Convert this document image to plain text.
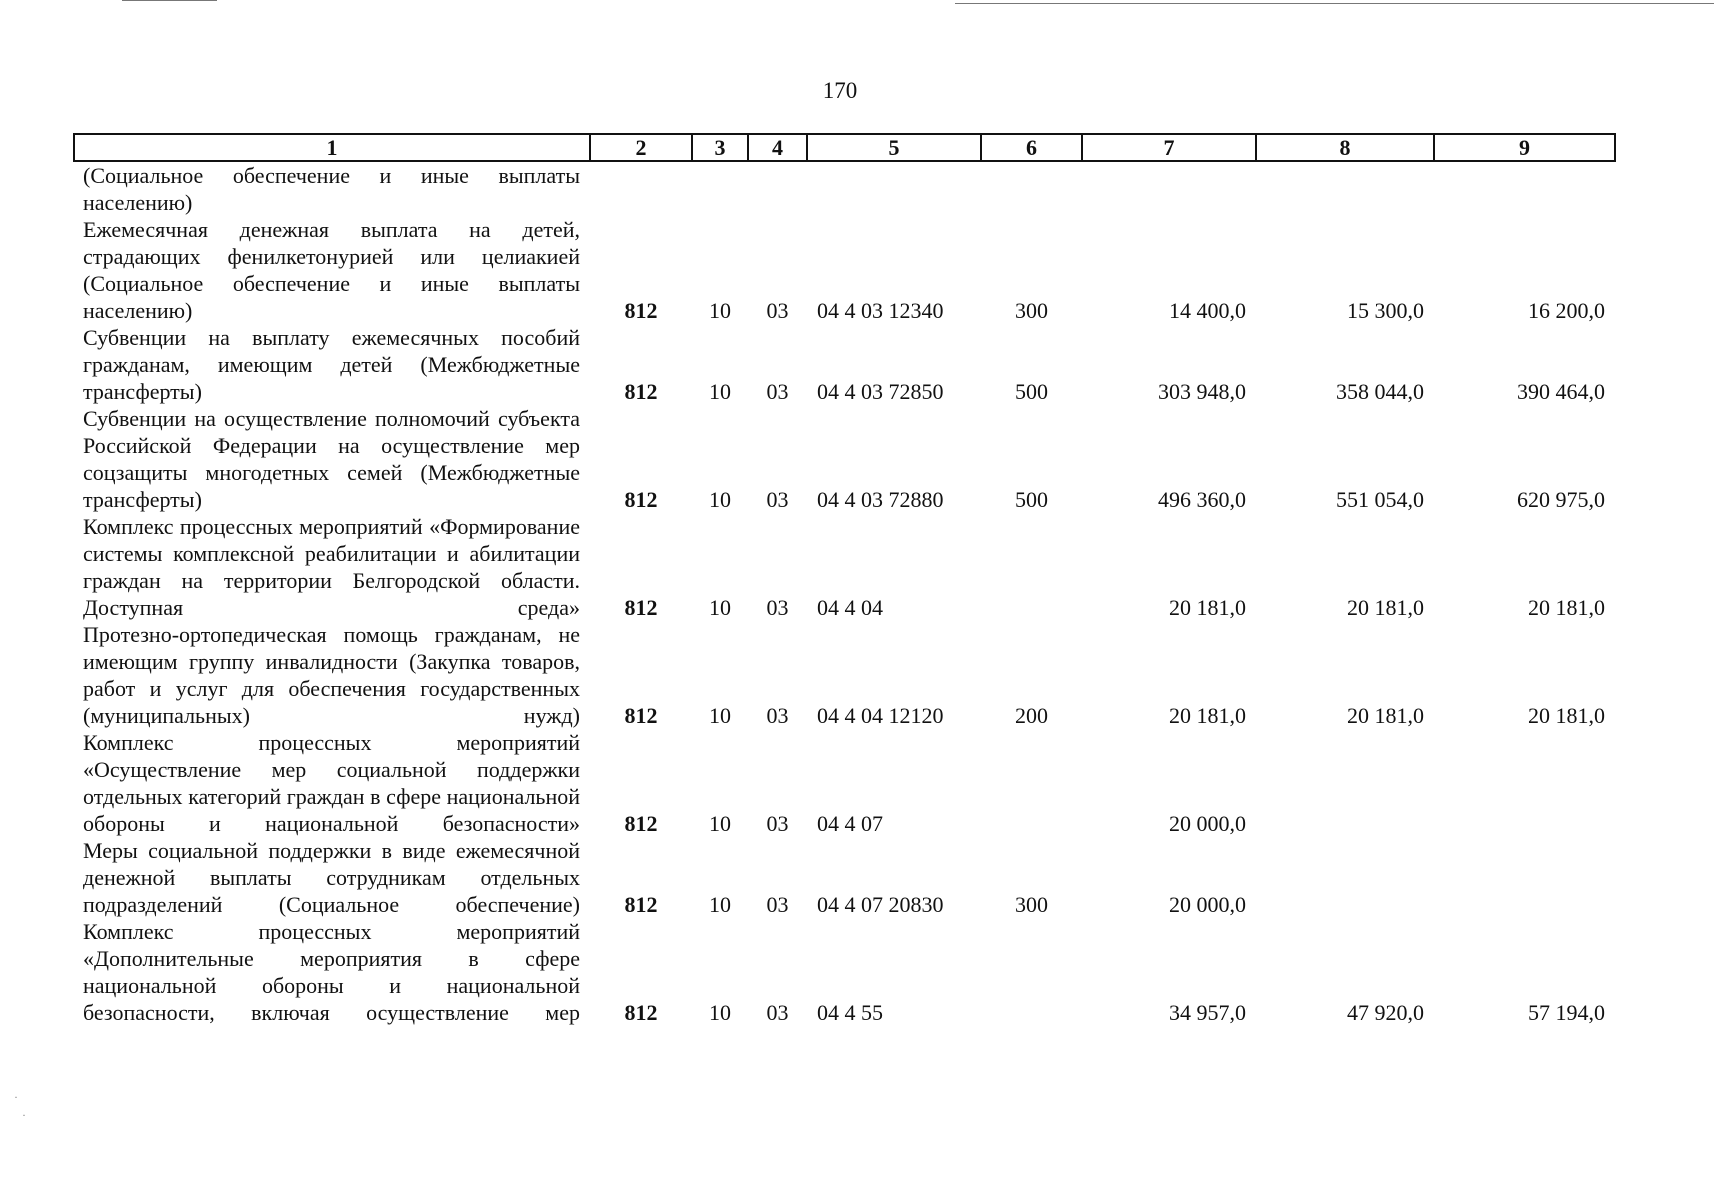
170
1	2	3	4	5	6	7	8	9
(Социальное обеспечение и иные выплаты населению)								
Ежемесячная денежная выплата на детей, страдающих фенилкетонурией или целиакией (Социальное обеспечение и иные выплаты населению)	812	10	03	04 4 03 12340	300	14 400,0	15 300,0	16 200,0
Субвенции на выплату ежемесячных пособий гражданам, имеющим детей (Межбюджетные трансферты)	812	10	03	04 4 03 72850	500	303 948,0	358 044,0	390 464,0
Субвенции на осуществление полномочий субъекта Российской Федерации на осуществление мер соцзащиты многодетных семей (Межбюджетные трансферты)	812	10	03	04 4 03 72880	500	496 360,0	551 054,0	620 975,0
Комплекс процессных мероприятий «Формирование системы комплексной реабилитации и абилитации граждан на территории Белгородской области. Доступная среда»	812	10	03	04 4 04		20 181,0	20 181,0	20 181,0
Протезно-ортопедическая помощь гражданам, не имеющим группу инвалидности (Закупка товаров, работ и услуг для обеспечения государственных (муниципальных) нужд)	812	10	03	04 4 04 12120	200	20 181,0	20 181,0	20 181,0
Комплекс процессных мероприятий «Осуществление мер социальной поддержки отдельных категорий граждан в сфере национальной обороны и национальной безопасности»	812	10	03	04 4 07		20 000,0		
Меры социальной поддержки в виде ежемесячной денежной выплаты сотрудникам отдельных подразделений (Социальное обеспечение)	812	10	03	04 4 07 20830	300	20 000,0		
Комплекс процессных мероприятий «Дополнительные мероприятия в сфере национальной обороны и национальной безопасности, включая осуществление мер	812	10	03	04 4 55		34 957,0	47 920,0	57 194,0
·
·
